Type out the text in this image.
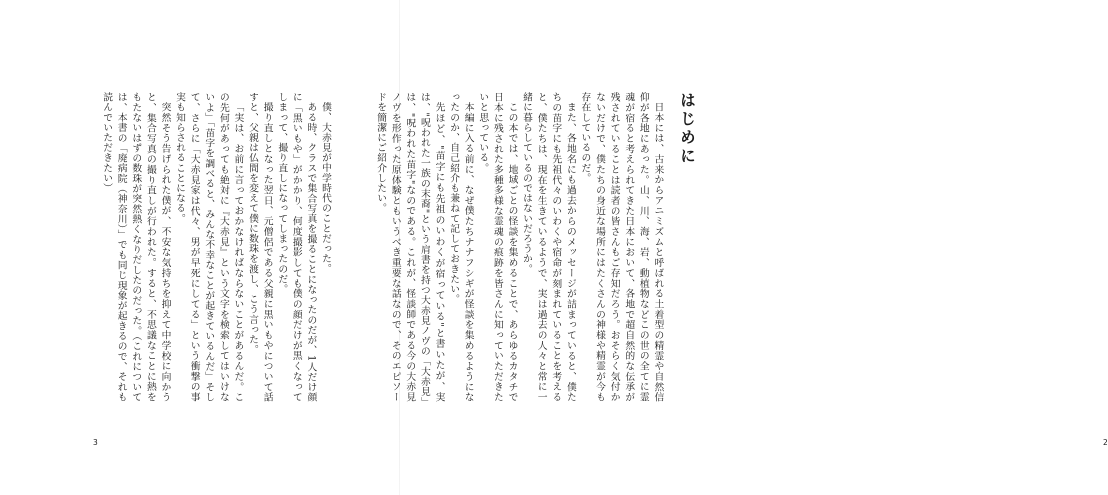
僕、大赤見が中学時代のことだった。
ある時、クラスで集合写真を撮ることになったのだが、1人だけ顔に「黒いもや」がかかり、何度撮影しても僕の顔だけが黒くなってしまって、撮り直しになってしまったのだ。
撮り直しとなった翌日、元僧侶である父親に黒いもやについて話すと、父親は仏間を変えて僕に数珠を渡し、こう言った。
「実は、お前に言っておかなければならないことがあるんだ。この先何があっても絶対に『大赤見』という文字を検索してはいけないよ」「苗字を調べると、みんな不幸なことが起きているんだ」そして、さらに「大赤見家は代々、男が早死にしてる」という衝撃の事実も知らされることになる。
突然そう告げられた僕が、不安な気持ちを抑えて中学校に向かうと、集合写真の撮り直しが行われた。すると、不思議なことに熱をもたないはずの数珠が突然熱くなりだしたのだった。（これについては、本書の「廃病院（神奈川）」でも同じ現象が起きるので、それも読んでいただきたい）
3
はじめに
日本には、古来からアニミズムと呼ばれる土着型の精霊や自然信仰が各地にあった。山、川、海、岩、動植物などこの世の全てに霊魂が宿ると考えられてきた日本において、各地で超自然的な伝承が残されていることは読者の皆さんもご存知だろう。おそらく気付かないだけで、僕たちの身近な場所にはたくさんの神様や精霊が今も存在しているのだ。
また、各地名にも過去からのメッセージが詰まっていると、僕たちの苗字にも先祖代々のいわくや宿命が刻まれていることを考えると、僕たちは、現在を生きているようで、実は過去の人々と常に一緒に暮らしているのではないだろうか。
この本では、地域ごとの怪談を集めることで、あらゆるカタチで日本に残された多種多様な霊魂の痕跡を皆さんに知っていただきたいと思っている。
本編に入る前に、なぜ僕たちナナフシギが怪談を集めるようになったのか、自己紹介も兼ねて記しておきたい。
先ほど、"苗字にも先祖のいわくが宿っている"と書いたが、実は、"呪われた一族の末裔"という肩書を持つ大赤見ノヴの「大赤見」は、"呪われた苗字"なのである。これが、怪談師である今の大赤見ノヴを形作った原体験ともいうべき重要な話なので、そのエピソードを簡潔にご紹介したい。
2
